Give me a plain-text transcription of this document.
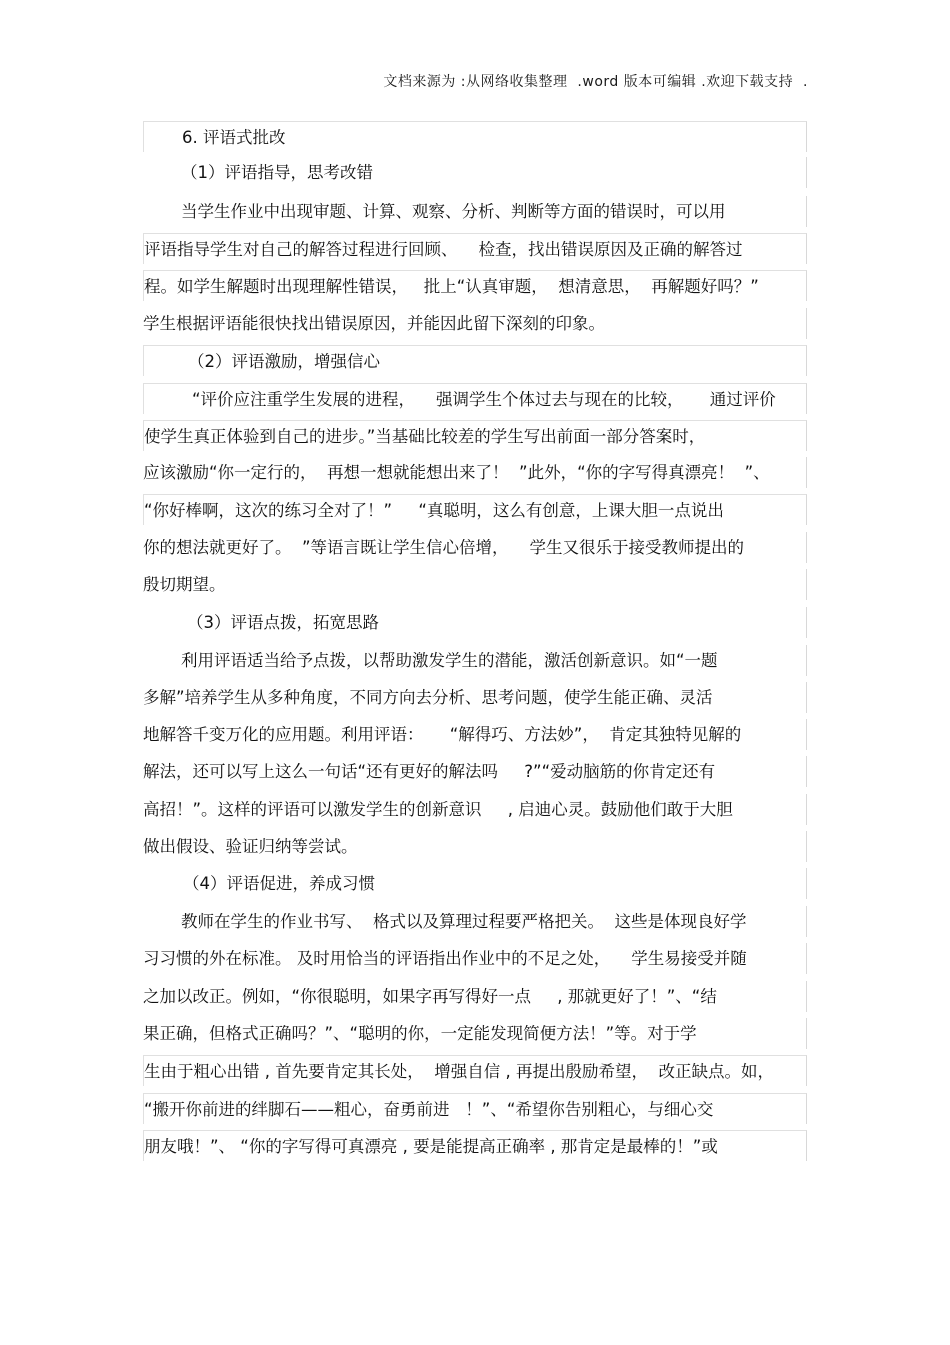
文档来源为 :从网络收集整理  .word 版本可编辑 .欢迎下载支持  .
6. 评语式批改
（1）评语指导，思考改错
当学生作业中出现审题、计算、观察、分析、判断等方面的错误时，可以用
评语指导学生对自己的解答过程进行回顾、    检查，找出错误原因及正确的解答过
程。如学生解题时出现理解性错误，   批上“认真审题，  想清意思，  再解题好吗？”
学生根据评语能很快找出错误原因，并能因此留下深刻的印象。
（2）评语激励，增强信心
“评价应注重学生发展的进程，    强调学生个体过去与现在的比较，     通过评价
使学生真正体验到自己的进步。”当基础比较差的学生写出前面一部分答案时，
应该激励“你一定行的，  再想一想就能想出来了！  ”此外，“你的字写得真漂亮！  ”、
“你好棒啊，这次的练习全对了！”     “真聪明，这么有创意，上课大胆一点说出
你的想法就更好了。  ”等语言既让学生信心倍增，    学生又很乐于接受教师提出的
殷切期望。
（3）评语点拨，拓宽思路
利用评语适当给予点拨，以帮助激发学生的潜能，激活创新意识。如“一题
多解”培养学生从多种角度，不同方向去分析、思考问题，使学生能正确、灵活
地解答千变万化的应用题。利用评语：     “解得巧、方法妙”，  肯定其独特见解的
解法，还可以写上这么一句话“还有更好的解法吗     ?”“爱动脑筋的你肯定还有
高招！”。这样的评语可以激发学生的创新意识     , 启迪心灵。鼓励他们敢于大胆
做出假设、验证归纳等尝试。
（4）评语促进，养成习惯
教师在学生的作业书写、  格式以及算理过程要严格把关。  这些是体现良好学
习习惯的外在标准。 及时用恰当的评语指出作业中的不足之处，    学生易接受并随
之加以改正。例如，“你很聪明，如果字再写得好一点     , 那就更好了！”、“结
果正确，但格式正确吗？”、“聪明的你，一定能发现简便方法！”等。对于学
生由于粗心出错 , 首先要肯定其长处，  增强自信 , 再提出殷励希望，  改正缺点。如，
“搬开你前进的绊脚石——粗心，奋勇前进   ！”、“希望你告别粗心，与细心交
朋友哦！”、 “你的字写得可真漂亮 , 要是能提高正确率 , 那肯定是最棒的！”或
